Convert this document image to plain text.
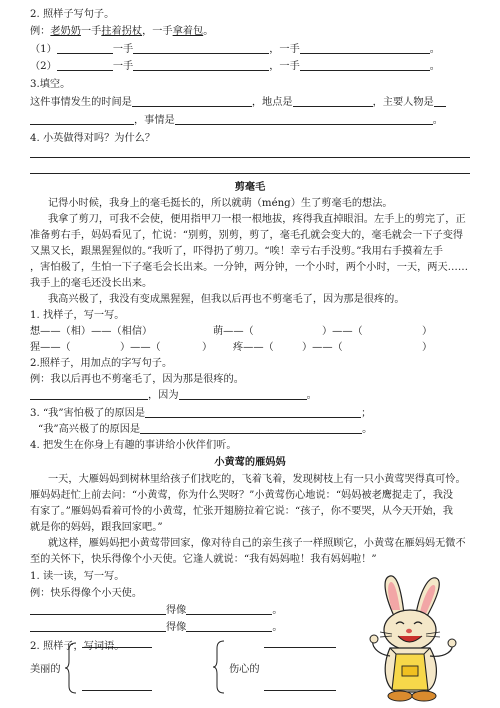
2. 照样子写句子。
例：老奶奶一手拄着拐杖，一手拿着包。
（1）	一手	，一手	。
（2）	一手	，一手	。
3.填空。
这件事情发生的时间是	，地点是	，主要人物是
，事情是	。
4. 小英做得对吗？为什么？
剪毫毛
记得小时候，我身上的毫毛挺长的，所以就萌（méng）生了剪毫毛的想法。
我拿了剪刀，可我不会使，便用指甲刀一根一根地拔，疼得我直掉眼泪。左手上的剪完了，正
准备剪右手，妈妈看见了，忙说：“别剪，别剪，剪了，毫毛孔就会变大的，毫毛就会一下子变得
又黑又长，跟黑猩猩似的。”我听了，吓得扔了剪刀。“唉！幸亏右手没剪。”我用右手摸着左手
，害怕极了，生怕一下子毫毛会长出来。一分钟，两分钟，一个小时，两个小时，一天，两天……
我手上的毫毛还没长出来。
我高兴极了，我没有变成黑猩猩，但我以后再也不剪毫毛了，因为那是很疼的。
1. 找样子，写一写。
想——（相）——（相信）	萌——（	）——（	）
猩——（	）——（	） 疼——（	）——（	）
2.照样子，用加点的字写句子。
例：我以后再也不剪毫毛了，因为那是很疼的。
，因为	。
3. “我”害怕极了的原因是	；
“我”高兴极了的原因是	。
4. 把发生在你身上有趣的事讲给小伙伴们听。
小黄莺的雁妈妈
一天，大雁妈妈到树林里给孩子们找吃的，飞着飞着，发现树枝上有一只小黄莺哭得真可怜。
雁妈妈赶忙上前去问：“小黄莺，你为什么哭呀？”小黄莺伤心地说：“妈妈被老鹰捉走了，我没
有家了。”雁妈妈看着可怜的小黄莺，忙张开翅膀拉着它说：“孩子，你不要哭，从今天开始，我
就是你的妈妈，跟我回家吧。”
就这样，雁妈妈把小黄莺带回家，像对待自己的亲生孩子一样照顾它，小黄莺在雁妈妈无微不
至的关怀下，快乐得像个小天使。它逢人就说：“我有妈妈啦！我有妈妈啦！”
1. 读一读，写一写。
例：快乐得像个小天使。
得像	。
得像	。
2. 照样子，写词语。
美丽的	伤心的
